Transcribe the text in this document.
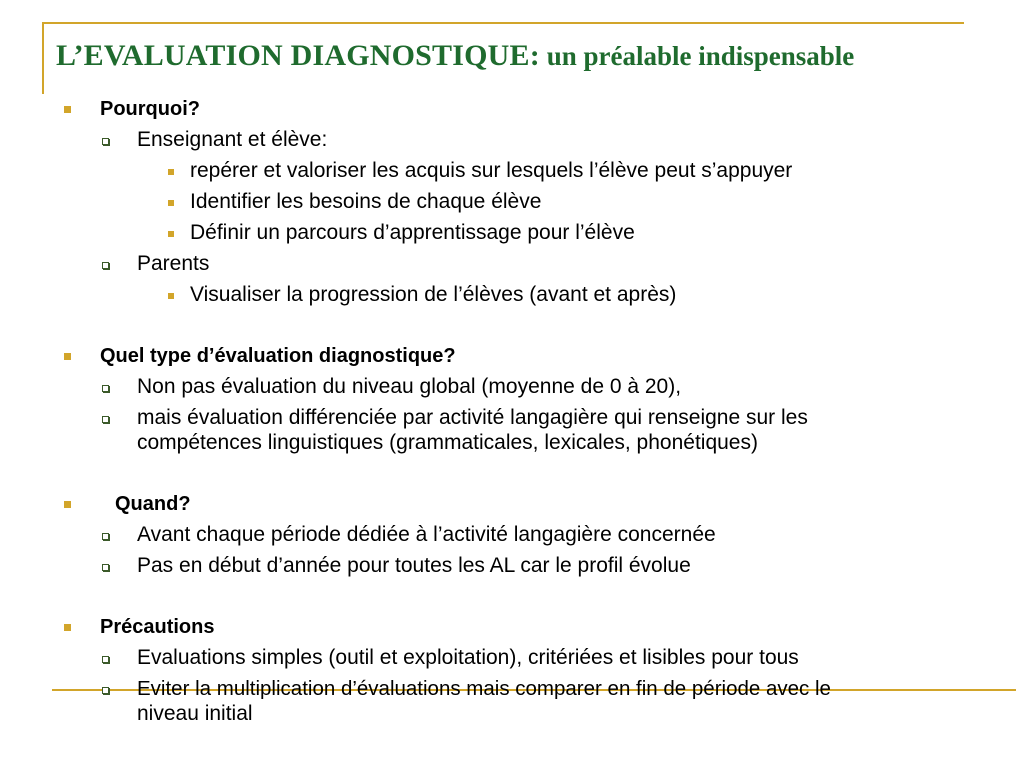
L’EVALUATION DIAGNOSTIQUE: un préalable indispensable
Pourquoi?
Enseignant et élève:
repérer et valoriser les acquis sur lesquels l’élève peut s’appuyer
Identifier les besoins de chaque élève
Définir un parcours d’apprentissage pour l’élève
Parents
Visualiser la progression de l’élèves (avant et après)
Quel type d’évaluation diagnostique?
Non pas évaluation du niveau global (moyenne de 0 à 20),
mais évaluation différenciée par activité langagière qui renseigne sur les
compétences linguistiques (grammaticales, lexicales, phonétiques)
Quand?
Avant chaque période dédiée à l’activité langagière concernée
Pas en début d’année pour toutes les AL car le profil évolue
Précautions
Evaluations simples (outil et exploitation), critériées et lisibles pour tous
Eviter la multiplication d’évaluations mais comparer en fin de période avec le
niveau initial
